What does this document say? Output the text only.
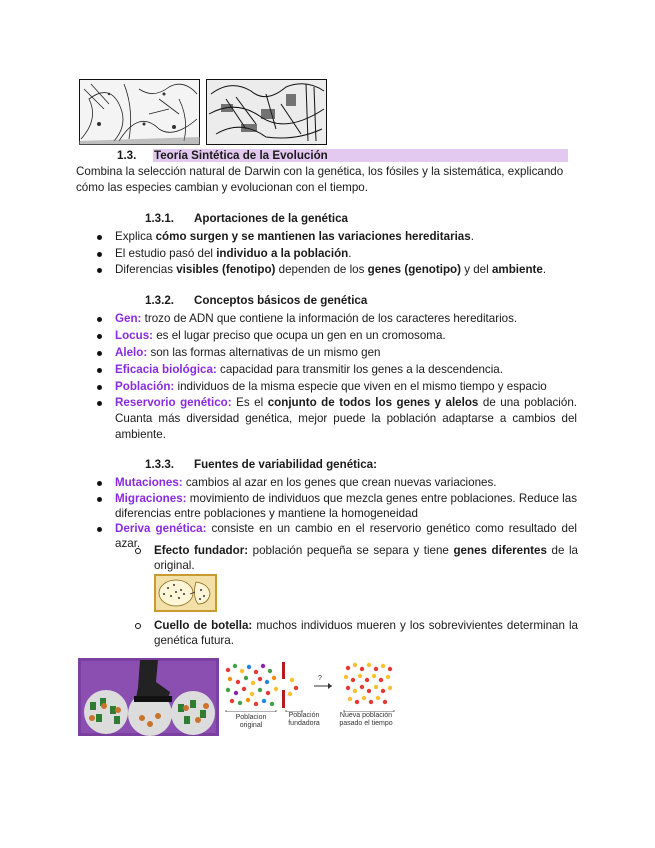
1.3. Teoría Sintética de la Evolución
Combina la selección natural de Darwin con la genética, los fósiles y la sistemática, explicando cómo las especies cambian y evolucionan con el tiempo.
1.3.1. Aportaciones de la genética
Explica cómo surgen y se mantienen las variaciones hereditarias.
El estudio pasó del individuo a la población.
Diferencias visibles (fenotipo) dependen de los genes (genotipo) y del ambiente.
1.3.2. Conceptos básicos de genética
Gen: trozo de ADN que contiene la información de los caracteres hereditarios.
Locus: es el lugar preciso que ocupa un gen en un cromosoma.
Alelo: son las formas alternativas de un mismo gen
Eficacia biológica: capacidad para transmitir los genes a la descendencia.
Población: individuos de la misma especie que viven en el mismo tiempo y espacio
Reservorio genético: Es el conjunto de todos los genes y alelos de una población. Cuanta más diversidad genética, mejor puede la población adaptarse a cambios del ambiente.
1.3.3. Fuentes de variabilidad genética:
Mutaciones: cambios al azar en los genes que crean nuevas variaciones.
Migraciones: movimiento de individuos que mezcla genes entre poblaciones. Reduce las diferencias entre poblaciones y mantiene la homogeneidad
Deriva genética: consiste en un cambio en el reservorio genético como resultado del azar.
Efecto fundador: población pequeña se separa y tiene genes diferentes de la original.
Cuello de botella: muchos individuos mueren y los sobrevivientes determinan la genética futura.
?
Poblacion original
Población fundadora
Nueva población pasado el tiempo
